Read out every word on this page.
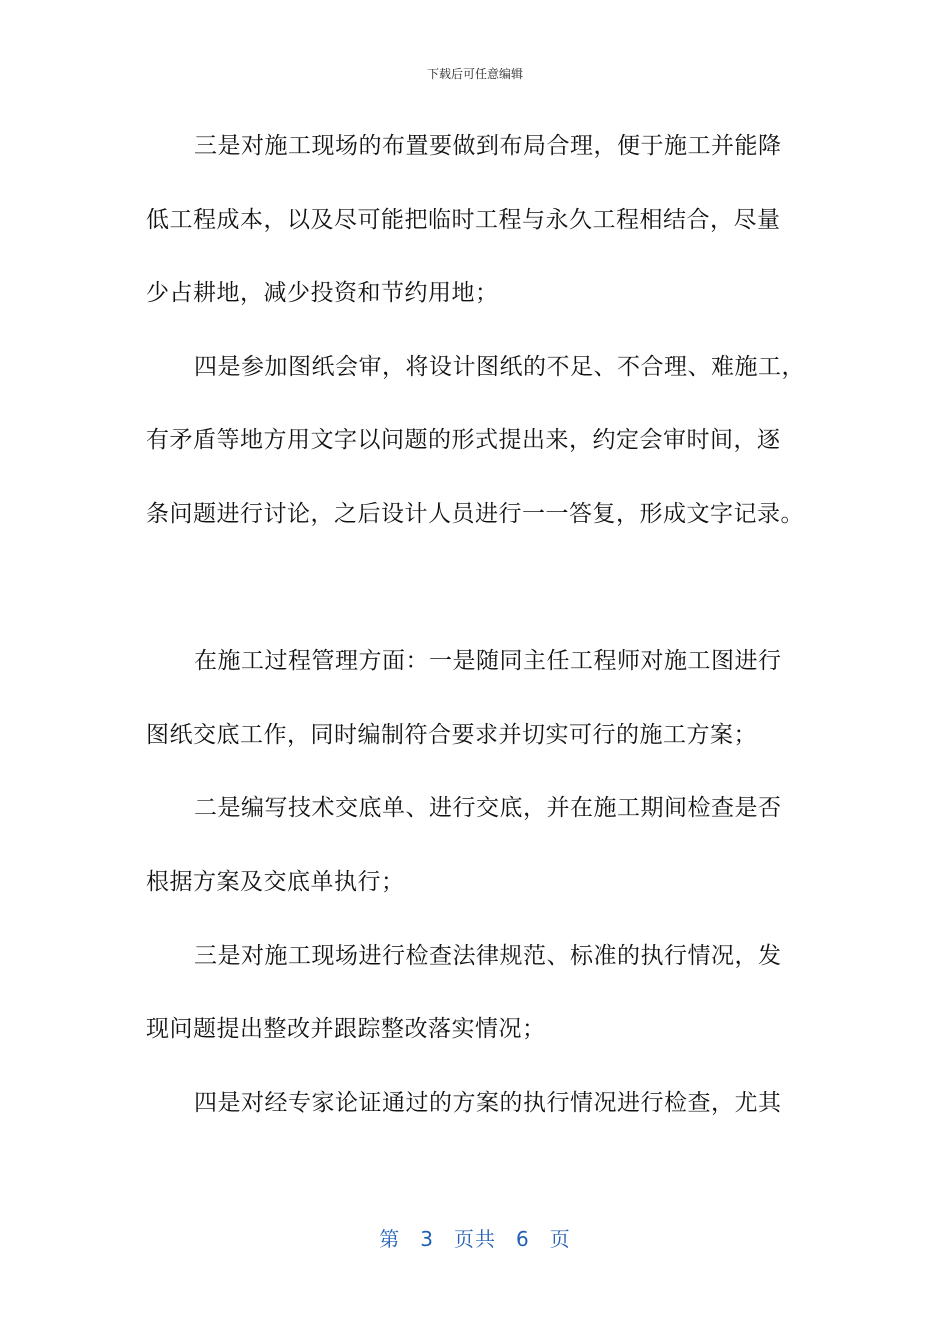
下载后可任意编辑
三是对施工现场的布置要做到布局合理，便于施工并能降
低工程成本，以及尽可能把临时工程与永久工程相结合，尽量
少占耕地，减少投资和节约用地；
四是参加图纸会审，将设计图纸的不足、不合理、难施工，
有矛盾等地方用文字以问题的形式提出来，约定会审时间，逐
条问题进行讨论，之后设计人员进行一一答复，形成文字记录。
在施工过程管理方面：一是随同主任工程师对施工图进行
图纸交底工作，同时编制符合要求并切实可行的施工方案；
二是编写技术交底单、进行交底，并在施工期间检查是否
根据方案及交底单执行；
三是对施工现场进行检查法律规范、标准的执行情况，发
现问题提出整改并跟踪整改落实情况；
四是对经专家论证通过的方案的执行情况进行检查，尤其
第 3 页共 6 页
